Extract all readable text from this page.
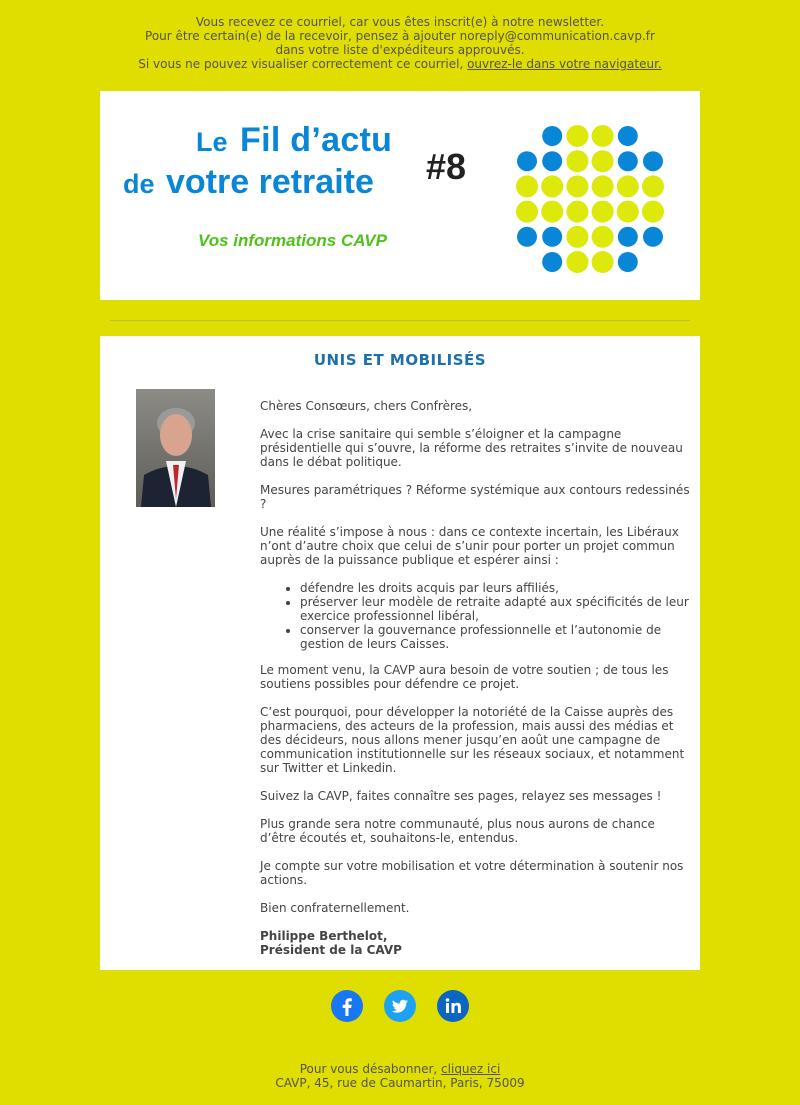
Vous recevez ce courriel, car vous êtes inscrit(e) à notre newsletter.
Pour être certain(e) de la recevoir, pensez à ajouter noreply@communication.cavp.fr
dans votre liste d'expéditeurs approuvés.
Si vous ne pouvez visualiser correctement ce courriel, ouvrez-le dans votre navigateur.
Le Fil d’actu
de votre retraite
Vos informations CAVP
#8
UNIS ET MOBILISÉS

Chères Consœurs, chers Confrères,

Avec la crise sanitaire qui semble s’éloigner et la campagne présidentielle qui s’ouvre, la réforme des retraites s’invite de nouveau dans le débat politique.

Mesures paramétriques ? Réforme systémique aux contours redessinés ?

Une réalité s’impose à nous : dans ce contexte incertain, les Libéraux n’ont d’autre choix que celui de s’unir pour porter un projet commun auprès de la puissance publique et espérer ainsi :

• défendre les droits acquis par leurs affiliés,
• préserver leur modèle de retraite adapté aux spécificités de leur exercice professionnel libéral,
• conserver la gouvernance professionnelle et l’autonomie de gestion de leurs Caisses.

Le moment venu, la CAVP aura besoin de votre soutien ; de tous les soutiens possibles pour défendre ce projet.

C’est pourquoi, pour développer la notoriété de la Caisse auprès des pharmaciens, des acteurs de la profession, mais aussi des médias et des décideurs, nous allons mener jusqu’en août une campagne de communication institutionnelle sur les réseaux sociaux, et notamment sur Twitter et Linkedin.

Suivez la CAVP, faites connaître ses pages, relayez ses messages !

Plus grande sera notre communauté, plus nous aurons de chance d’être écoutés et, souhaitons-le, entendus.

Je compte sur votre mobilisation et votre détermination à soutenir nos actions.

Bien confraternellement.

Philippe Berthelot,
Président de la CAVP

Pour vous désabonner, cliquez ici
CAVP, 45, rue de Caumartin, Paris, 75009
